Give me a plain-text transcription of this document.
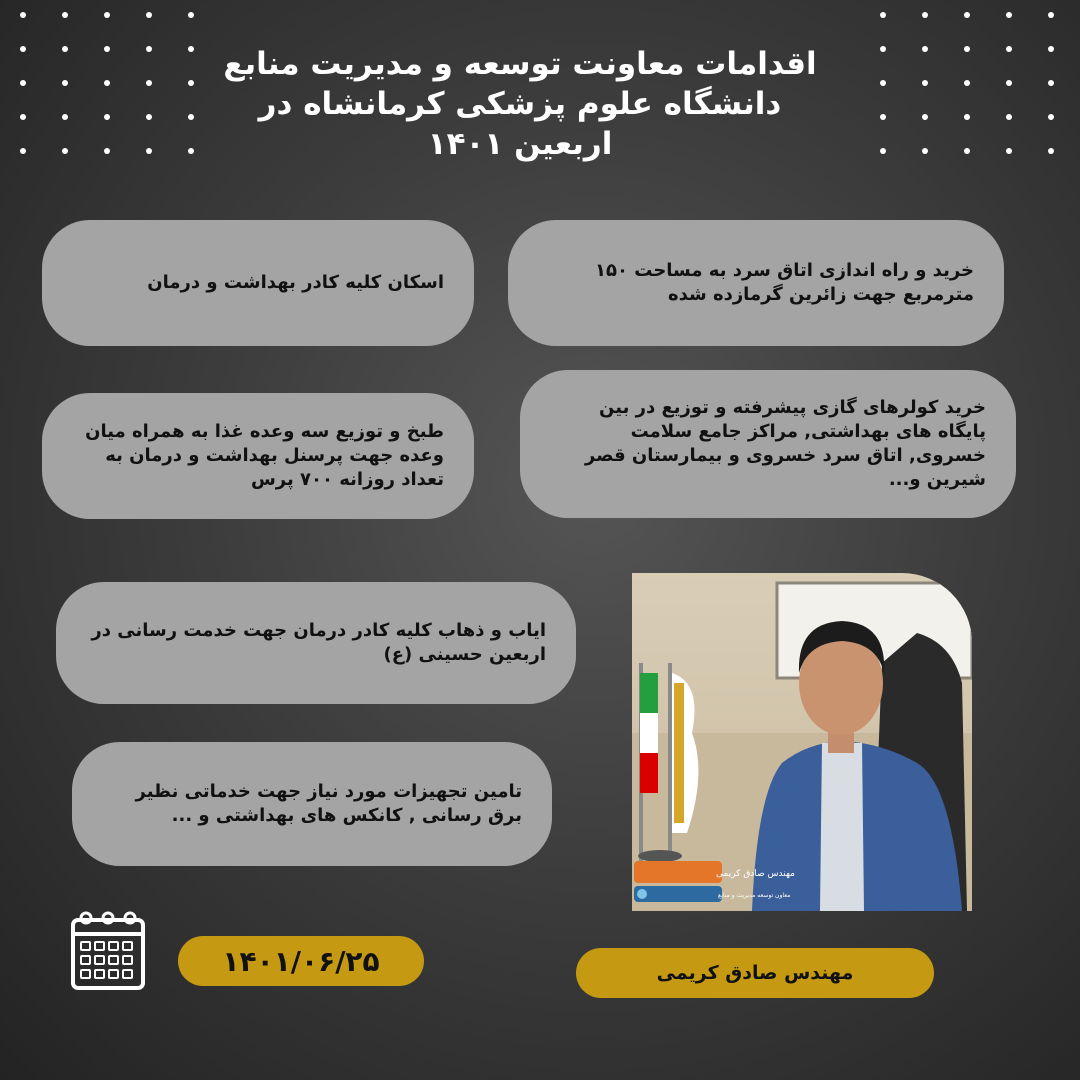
اقدامات معاونت توسعه و مدیریت منابع دانشگاه علوم پزشکی کرمانشاه در اربعین ۱۴۰۱
خرید و راه اندازی اتاق سرد به مساحت ۱۵۰ مترمربع جهت زائرین گرمازده شده
اسکان کلیه کادر بهداشت و درمان
خرید کولرهای گازی پیشرفته و توزیع در بین پایگاه های بهداشتی, مراکز جامع سلامت خسروی, اتاق سرد خسروی و بیمارستان قصر شیرین و...
طبخ و توزیع سه وعده غذا به همراه میان وعده جهت پرسنل بهداشت و درمان به تعداد روزانه ۷۰۰ پرس
ایاب و ذهاب کلیه کادر درمان جهت خدمت رسانی در اربعین حسینی (ع)
تامین تجهیزات مورد نیاز جهت خدماتی نظیر برق رسانی , کانکس های بهداشتی و ...
مهندس صادق کریمی
معاون توسعه مدیریت و منابع
۱۴۰۱/۰۶/۲۵	مهندس صادق کریمی
